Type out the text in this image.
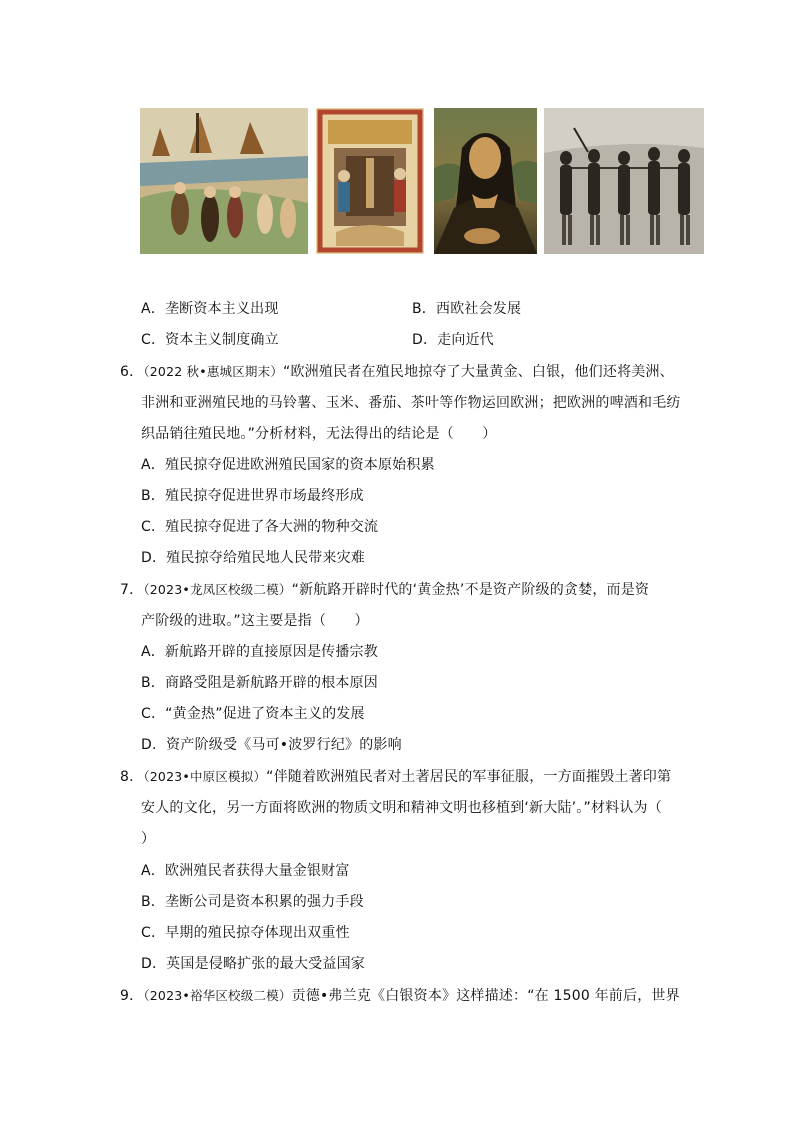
A．垄断资本主义出现	B．西欧社会发展
C．资本主义制度确立	D．走向近代
6．（2022 秋•惠城区期末）“欧洲殖民者在殖民地掠夺了大量黄金、白银，他们还将美洲、
非洲和亚洲殖民地的马铃薯、玉米、番茄、茶叶等作物运回欧洲；把欧洲的啤酒和毛纺
织品销往殖民地。”分析材料，无法得出的结论是（　　）
A．殖民掠夺促进欧洲殖民国家的资本原始积累
B．殖民掠夺促进世界市场最终形成
C．殖民掠夺促进了各大洲的物种交流
D．殖民掠夺给殖民地人民带来灾难
7．（2023•龙凤区校级二模）“新航路开辟时代的‘黄金热’不是资产阶级的贪婪，而是资
产阶级的进取。”这主要是指（　　）
A．新航路开辟的直接原因是传播宗教
B．商路受阻是新航路开辟的根本原因
C．“黄金热”促进了资本主义的发展
D．资产阶级受《马可•波罗行纪》的影响
8．（2023•中原区模拟）“伴随着欧洲殖民者对土著居民的军事征服，一方面摧毁土著印第
安人的文化，另一方面将欧洲的物质文明和精神文明也移植到‘新大陆’。”材料认为（
）
A．欧洲殖民者获得大量金银财富
B．垄断公司是资本积累的强力手段
C．早期的殖民掠夺体现出双重性
D．英国是侵略扩张的最大受益国家
9．（2023•裕华区校级二模）贡德•弗兰克《白银资本》这样描述：“在 1500 年前后，世界
